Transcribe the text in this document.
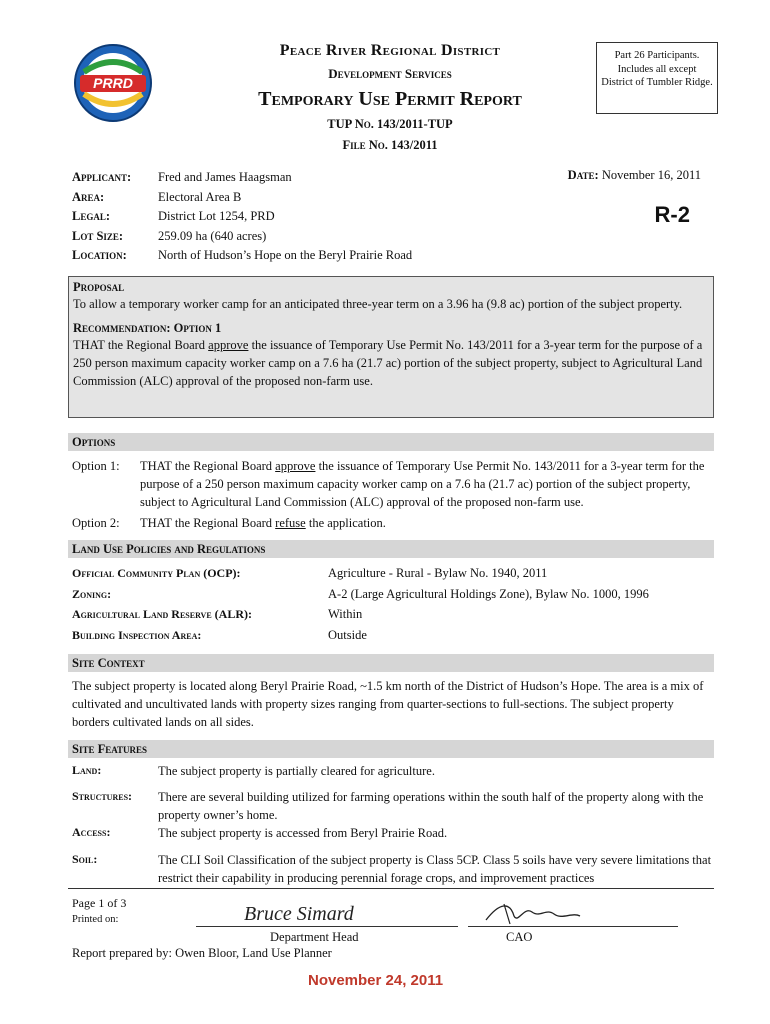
PRRD
Peace River Regional District
Development Services
Temporary Use Permit Report
TUP No. 143/2011-TUP
File No. 143/2011
Part 26 Participants. Includes all except District of Tumbler Ridge.
Applicant:	Fred and James Haagsman
Area:	Electoral Area B
Legal:	District Lot 1254, PRD
Lot Size:	259.09 ha (640 acres)
Location:	North of Hudson’s Hope on the Beryl Prairie Road
Date: November 16, 2011
R-2
Proposal
To allow a temporary worker camp for an anticipated three-year term on a 3.96 ha (9.8 ac) portion of the subject property.
Recommendation: Option 1
THAT the Regional Board approve the issuance of Temporary Use Permit No. 143/2011 for a 3-year term for the purpose of a 250 person maximum capacity worker camp on a 7.6 ha (21.7 ac) portion of the subject property, subject to Agricultural Land Commission (ALC) approval of the proposed non-farm use.
Options
Option 1:	THAT the Regional Board approve the issuance of Temporary Use Permit No. 143/2011 for a 3-year term for the purpose of a 250 person maximum capacity worker camp on a 7.6 ha (21.7 ac) portion of the subject property, subject to Agricultural Land Commission (ALC) approval of the proposed non-farm use.
Option 2:	THAT the Regional Board refuse the application.
Land Use Policies and Regulations
Official Community Plan (OCP):	Agriculture - Rural - Bylaw No. 1940, 2011
Zoning:	A-2 (Large Agricultural Holdings Zone), Bylaw No. 1000, 1996
Agricultural Land Reserve (ALR):	Within
Building Inspection Area:	Outside
Site Context
The subject property is located along Beryl Prairie Road, ~1.5 km north of the District of Hudson’s Hope. The area is a mix of cultivated and uncultivated lands with property sizes ranging from quarter-sections to full-sections. The subject property borders cultivated lands on all sides.
Site Features
Land:	The subject property is partially cleared for agriculture.
Structures:	There are several building utilized for farming operations within the south half of the property along with the property owner’s home.
Access:	The subject property is accessed from Beryl Prairie Road.
Soil:	The CLI Soil Classification of the subject property is Class 5CP. Class 5 soils have very severe limitations that restrict their capability in producing perennial forage crops, and improvement practices
Page 1 of 3
Printed on:	Bruce Simard
Department Head	CAO
Report prepared by: Owen Bloor, Land Use Planner
November 24, 2011
